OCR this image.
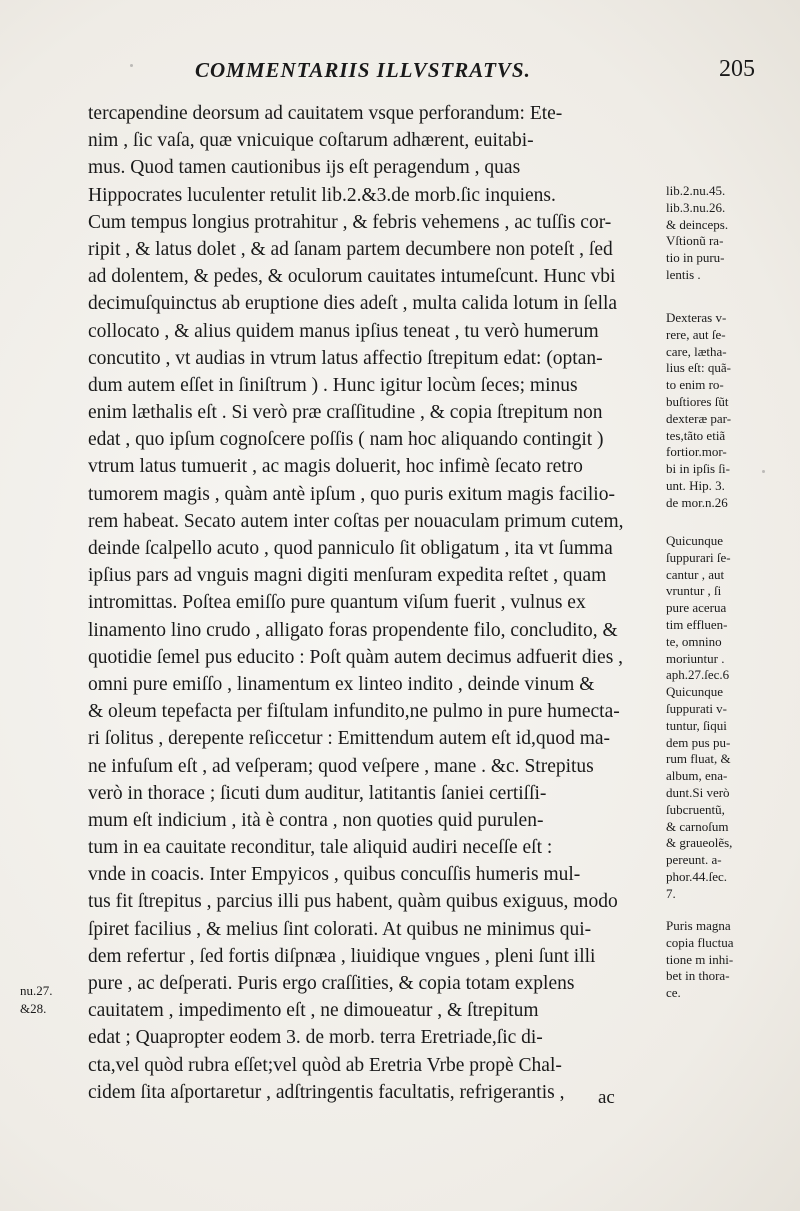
COMMENTARIIS ILLVSTRATVS.	205
tercapendine deorsum ad cauitatem vsque perforandum: Ete-
nim , ſic vaſa, quæ vnicuique coſtarum adhærent, euitabi-
mus. Quod tamen cautionibus ijs eſt peragendum , quas
Hippocrates luculenter retulit lib.2.&3.de morb.ſic inquiens.
Cum tempus longius protrahitur , & febris vehemens , ac tuſſis cor-
ripit , & latus dolet , & ad ſanam partem decumbere non poteſt , ſed
ad dolentem, & pedes, & oculorum cauitates intumeſcunt. Hunc vbi
decimuſquinctus ab eruptione dies adeſt , multa calida lotum in ſella
collocato , & alius quidem manus ipſius teneat , tu verò humerum
concutito , vt audias in vtrum latus affectio ſtrepitum edat: (optan-
dum autem eſſet in ſiniſtrum ) . Hunc igitur locùm ſeces; minus
enim læthalis eſt . Si verò præ craſſitudine , & copia ſtrepitum non
edat , quo ipſum cognoſcere poſſis ( nam hoc aliquando contingit )
vtrum latus tumuerit , ac magis doluerit, hoc infimè ſecato retro
tumorem magis , quàm antè ipſum , quo puris exitum magis facilio-
rem habeat. Secato autem inter coſtas per nouaculam primum cutem,
deinde ſcalpello acuto , quod panniculo ſit obligatum , ita vt ſumma
ipſius pars ad vnguis magni digiti menſuram expedita reſtet , quam
intromittas. Poſtea emiſſo pure quantum viſum fuerit , vulnus ex
linamento lino crudo , alligato foras propendente filo, concludito, &
quotidie ſemel pus educito : Poſt quàm autem decimus adfuerit dies ,
omni pure emiſſo , linamentum ex linteo indito , deinde vinum &
& oleum tepefacta per fiſtulam infundito,ne pulmo in pure humecta-
ri ſolitus , derepente reſiccetur : Emittendum autem eſt id,quod ma-
ne infuſum eſt , ad veſperam; quod veſpere , mane . &c. Strepitus
verò in thorace ; ſicuti dum auditur, latitantis ſaniei certiſſi-
mum eſt indicium , ità è contra , non quoties quid purulen-
tum in ea cauitate reconditur, tale aliquid audiri neceſſe eſt :
vnde in coacis. Inter Empyicos , quibus concuſſis humeris mul-
tus fit ſtrepitus , parcius illi pus habent, quàm quibus exiguus, modo
ſpiret facilius , & melius ſint colorati. At quibus ne minimus qui-
dem refertur , ſed fortis diſpnæa , liuidique vngues , pleni ſunt illi
pure , ac deſperati. Puris ergo craſſities, & copia totam explens
cauitatem , impedimento eſt , ne dimoueatur , & ſtrepitum
edat ; Quapropter eodem 3. de morb. terra Eretriade,ſic di-
cta,vel quòd rubra eſſet;vel quòd ab Eretria Vrbe propè Chal-
cidem ſita aſportaretur , adſtringentis facultatis, refrigerantis ,	ac
lib.2.nu.45.
lib.3.nu.26.
& deinceps.
Vſtionũ ra-
tio in puru-
lentis .
Dexteras v-
rere, aut ſe-
care, lætha-
lius eſt: quã-
to enim ro-
buſtiores ſũt
dexteræ par-
tes,tãto etiã
fortior.mor-
bi in ipſis ſi-
unt. Hip. 3.
de mor.n.26
Quicunque
ſuppurari ſe-
cantur , aut
vruntur , ſi
pure acerua
tim effluen-
te, omnino
moriuntur .
aph.27.ſec.6
Quicunque
ſuppurati v-
tuntur, ſiqui
dem pus pu-
rum fluat, &
album, ena-
dunt.Si verò
ſubcruentũ,
& carnoſum
& graueolẽs,
pereunt. a-
phor.44.ſec.
7.
Puris magna
copia fluctua
tione m inhi-
bet in thora-
ce.
nu.27.
&28.
